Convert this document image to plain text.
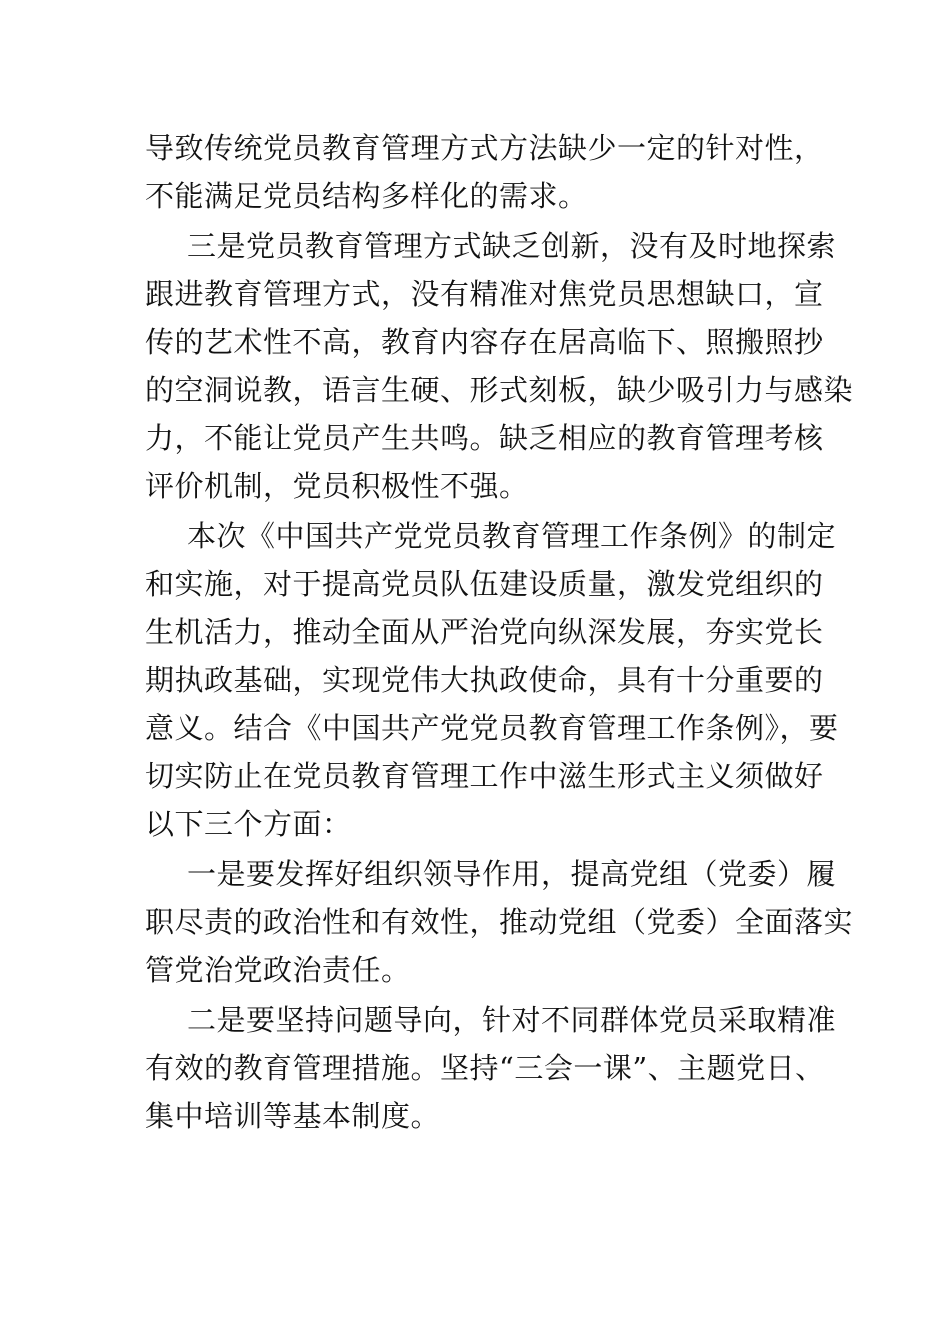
导致传统党员教育管理方式方法缺少一定的针对性，
不能满足党员结构多样化的需求。
三是党员教育管理方式缺乏创新，没有及时地探索
跟进教育管理方式，没有精准对焦党员思想缺口，宣
传的艺术性不高，教育内容存在居高临下、照搬照抄
的空洞说教，语言生硬、形式刻板，缺少吸引力与感染
力，不能让党员产生共鸣。缺乏相应的教育管理考核
评价机制，党员积极性不强。
本次《中国共产党党员教育管理工作条例》的制定
和实施，对于提高党员队伍建设质量，激发党组织的
生机活力，推动全面从严治党向纵深发展，夯实党长
期执政基础，实现党伟大执政使命，具有十分重要的
意义。结合《中国共产党党员教育管理工作条例》，要
切实防止在党员教育管理工作中滋生形式主义须做好
以下三个方面：
一是要发挥好组织领导作用，提高党组（党委）履
职尽责的政治性和有效性，推动党组（党委）全面落实
管党治党政治责任。
二是要坚持问题导向，针对不同群体党员采取精准
有效的教育管理措施。坚持“三会一课”、主题党日、
集中培训等基本制度。
